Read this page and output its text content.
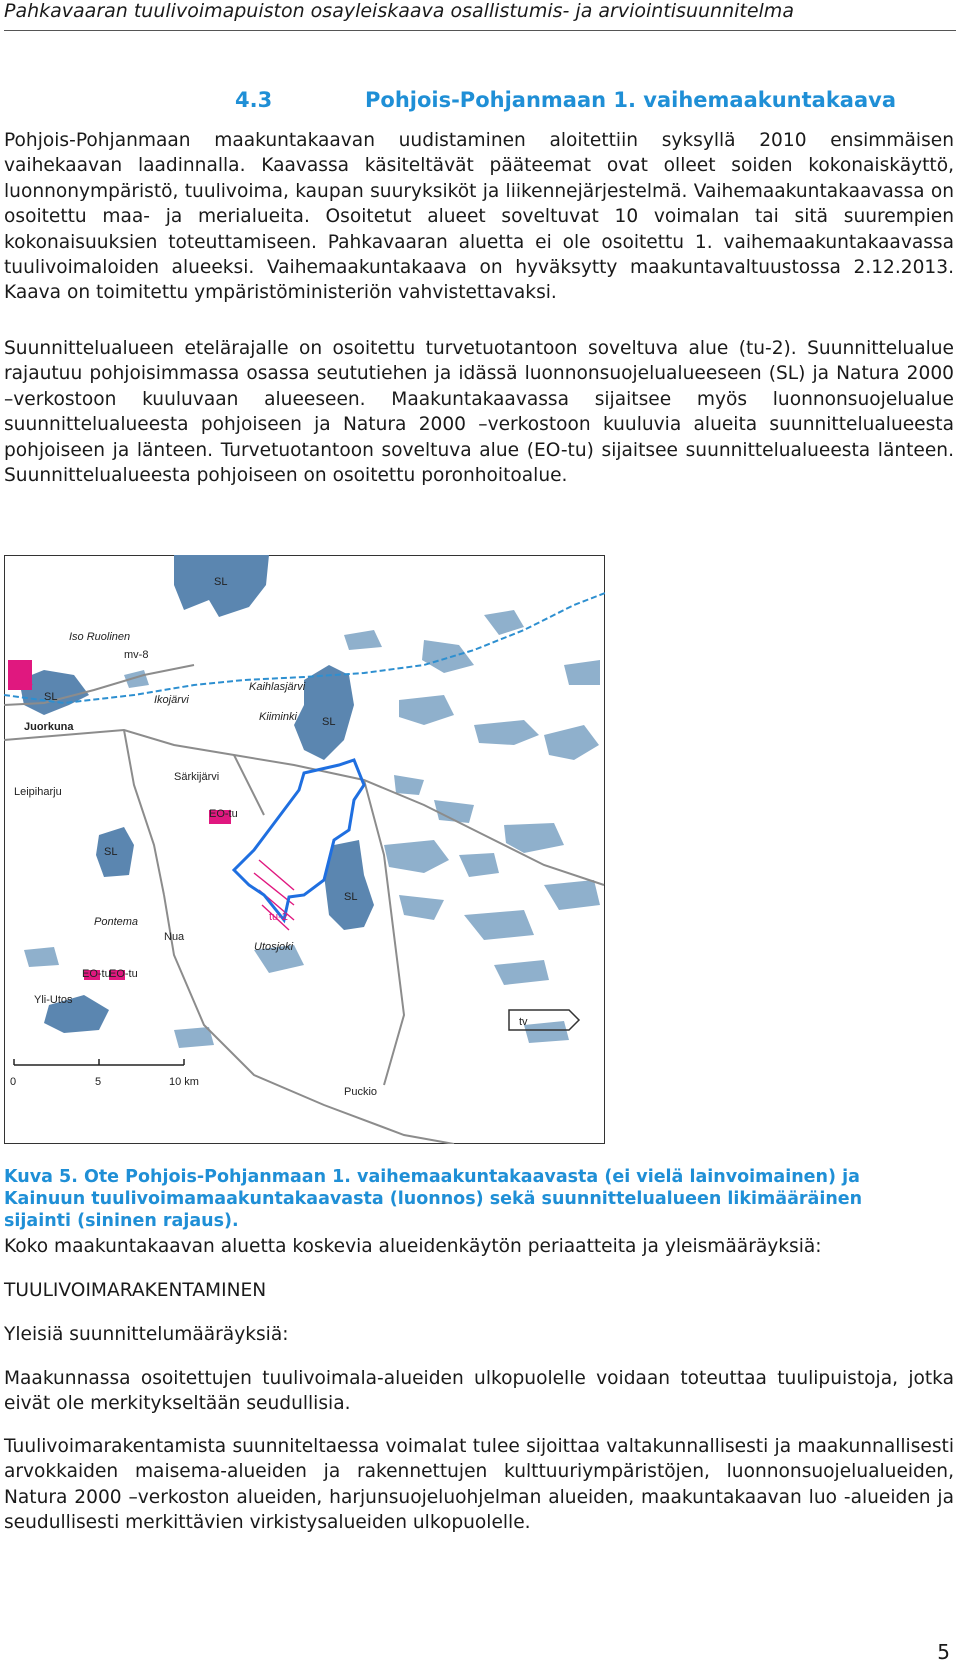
Pahkavaaran tuulivoimapuiston osayleiskaava osallistumis- ja arviointisuunnitelma
4.3	Pohjois-Pohjanmaan 1. vaihemaakuntakaava

Pohjois-Pohjanmaan maakuntakaavan uudistaminen aloitettiin syksyllä 2010 ensimmäisen vaihekaavan laadinnalla. Kaavassa käsiteltävät pääteemat ovat olleet soiden kokonaiskäyttö, luonnonympäristö, tuulivoima, kaupan suuryksiköt ja liikennejärjestelmä. Vaihemaakuntakaavassa on osoitettu maa- ja merialueita. Osoitetut alueet soveltuvat 10 voimalan tai sitä suurempien kokonaisuuksien toteuttamiseen. Pahkavaaran aluetta ei ole osoitettu 1. vaihemaakuntakaavassa tuulivoimaloiden alueeksi. Vaihemaakuntakaava on hyväksytty maakuntavaltuustossa 2.12.2013. Kaava on toimitettu ympäristöministeriön vahvistettavaksi.

Suunnittelualueen etelärajalle on osoitettu turvetuotantoon soveltuva alue (tu-2). Suunnittelualue rajautuu pohjoisimmassa osassa seututiehen ja idässä luonnonsuojelualueeseen (SL) ja Natura 2000 –verkostoon kuuluvaan alueeseen. Maakuntakaavassa sijaitsee myös luonnonsuojelualue suunnittelualueesta pohjoiseen ja Natura 2000 –verkostoon kuuluvia alueita suunnittelualueesta pohjoiseen ja länteen. Turvetuotantoon soveltuva alue (EO-tu) sijaitsee suunnittelualueesta länteen. Suunnittelualueesta pohjoiseen on osoitettu poronhoitoalue.

SL
SL
SL
SL
SL
Iso Ruolinen
mv-8
tu-1	Kaihlasjärvi
Kiiminki
Ikojärvi
Juorkuna
Särkijärvi
Leipiharju
EO-tu
EO-tu
EO-tu
Pontema
Nua
Utosjoki
tu-2
Yli-Utos
tv
Puckio
0	5	10 km

Kuva 5. Ote Pohjois-Pohjanmaan 1. vaihemaakuntakaavasta (ei vielä lainvoimainen) ja Kainuun tuulivoimamaakuntakaavasta (luonnos) sekä suunnittelualueen likimääräinen sijainti (sininen rajaus).

Koko maakuntakaavan aluetta koskevia alueidenkäytön periaatteita ja yleismääräyksiä:

TUULIVOIMARAKENTAMINEN

Yleisiä suunnittelumääräyksiä:

Maakunnassa osoitettujen tuulivoimala-alueiden ulkopuolelle voidaan toteuttaa tuulipuistoja, jotka eivät ole merkitykseltään seudullisia.

Tuulivoimarakentamista suunniteltaessa voimalat tulee sijoittaa valtakunnallisesti ja maakunnallisesti arvokkaiden maisema-alueiden ja rakennettujen kulttuuriympäristöjen, luonnonsuojelualueiden, Natura 2000 –verkoston alueiden, harjunsuojeluohjelman alueiden, maakuntakaavan luo -alueiden ja seudullisesti merkittävien virkistysalueiden ulkopuolelle.

5
